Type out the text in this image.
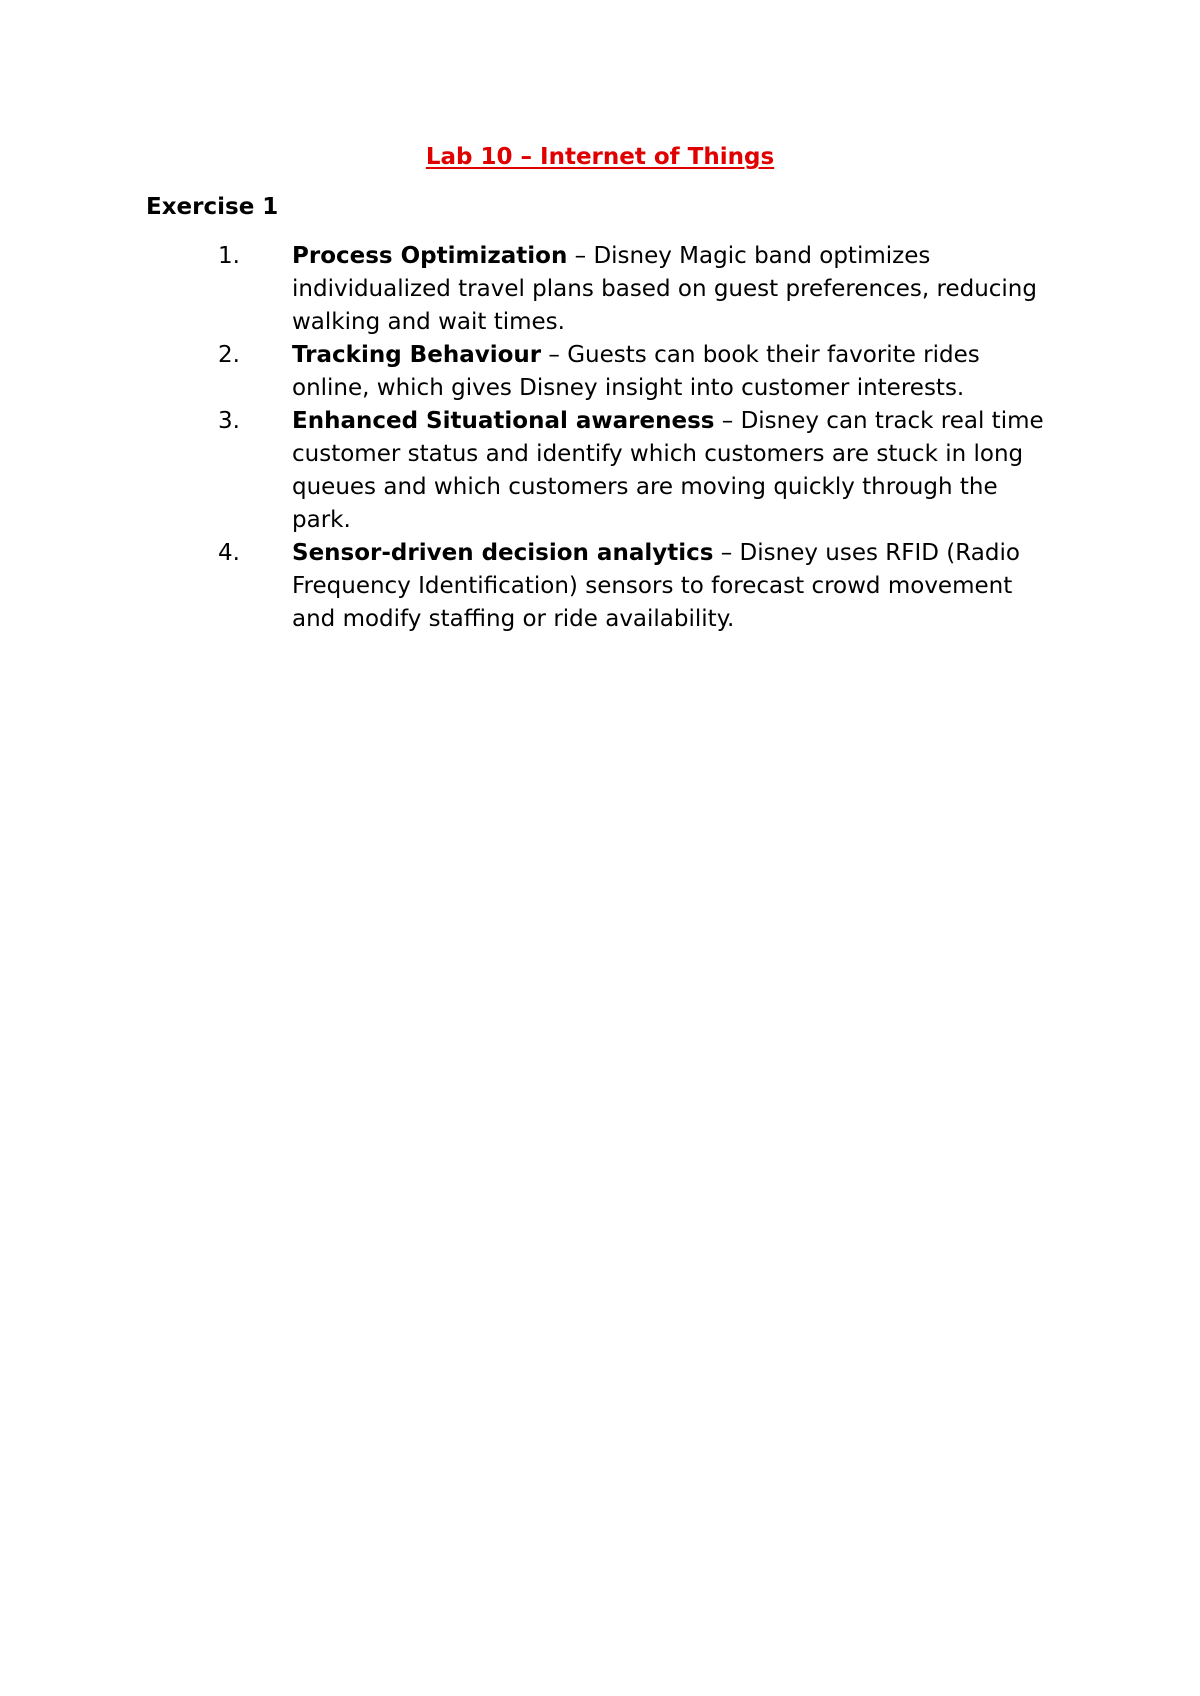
Lab 10 – Internet of Things
Exercise 1
1. Process Optimization – Disney Magic band optimizes individualized travel plans based on guest preferences, reducing walking and wait times.
2. Tracking Behaviour – Guests can book their favorite rides online, which gives Disney insight into customer interests.
3. Enhanced Situational awareness – Disney can track real time customer status and identify which customers are stuck in long queues and which customers are moving quickly through the park.
4. Sensor-driven decision analytics – Disney uses RFID (Radio Frequency Identification) sensors to forecast crowd movement and modify staffing or ride availability.
